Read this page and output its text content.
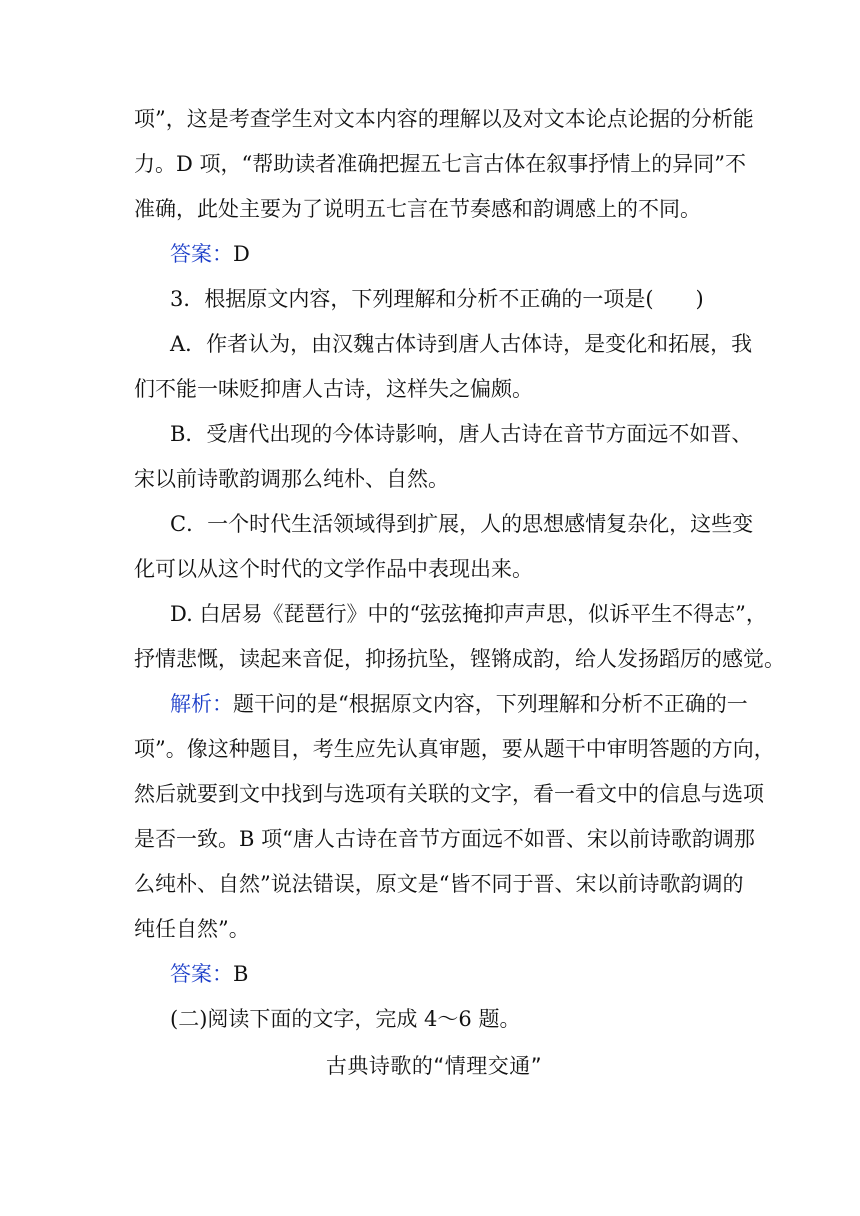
项”，这是考查学生对文本内容的理解以及对文本论点论据的分析能
力。D 项，“帮助读者准确把握五七言古体在叙事抒情上的异同”不
准确，此处主要为了说明五七言在节奏感和韵调感上的不同。
答案：D
3．根据原文内容，下列理解和分析不正确的一项是(　　)
A．作者认为，由汉魏古体诗到唐人古体诗，是变化和拓展，我
们不能一味贬抑唐人古诗，这样失之偏颇。
B．受唐代出现的今体诗影响，唐人古诗在音节方面远不如晋、
宋以前诗歌韵调那么纯朴、自然。
C．一个时代生活领域得到扩展，人的思想感情复杂化，这些变
化可以从这个时代的文学作品中表现出来。
D. 白居易《琵琶行》中的“弦弦掩抑声声思，似诉平生不得志”，
抒情悲慨，读起来音促，抑扬抗坠，铿锵成韵，给人发扬蹈厉的感觉。
解析：题干问的是“根据原文内容，下列理解和分析不正确的一
项”。像这种题目，考生应先认真审题，要从题干中审明答题的方向，
然后就要到文中找到与选项有关联的文字，看一看文中的信息与选项
是否一致。B 项“唐人古诗在音节方面远不如晋、宋以前诗歌韵调那
么纯朴、自然”说法错误，原文是“皆不同于晋、宋以前诗歌韵调的
纯任自然”。
答案：B
(二)阅读下面的文字，完成 4～6 题。
古典诗歌的“情理交通”
